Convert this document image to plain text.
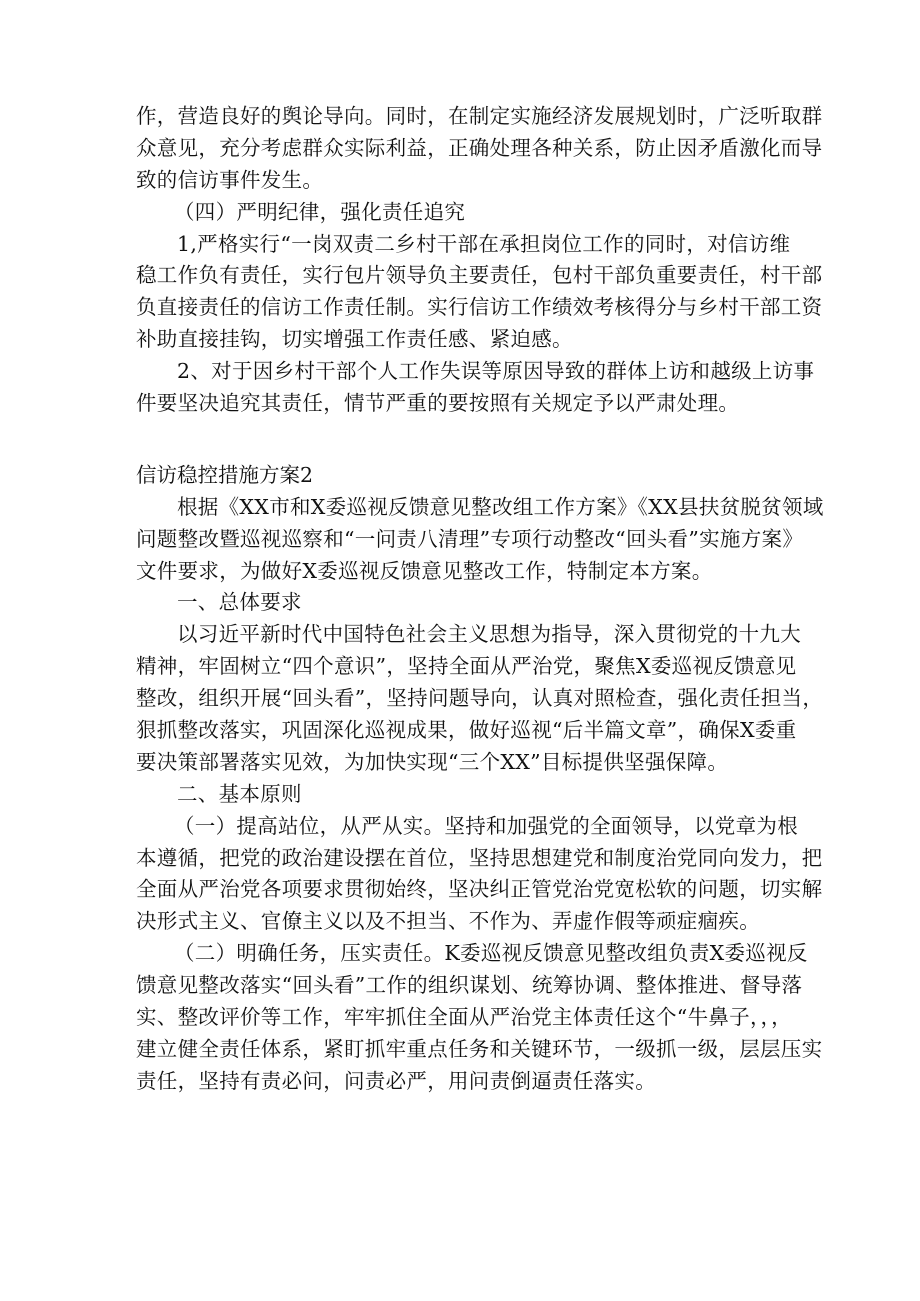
作，营造良好的舆论导向。同时，在制定实施经济发展规划时，广泛听取群
众意见，充分考虑群众实际利益，正确处理各种关系，防止因矛盾激化而导
致的信访事件发生。
（四）严明纪律，强化责任追究
1,严格实行“一岗双责二乡村干部在承担岗位工作的同时，对信访维
稳工作负有责任，实行包片领导负主要责任，包村干部负重要责任，村干部
负直接责任的信访工作责任制。实行信访工作绩效考核得分与乡村干部工资
补助直接挂钩，切实增强工作责任感、紧迫感。
2、对于因乡村干部个人工作失误等原因导致的群体上访和越级上访事
件要坚决追究其责任，情节严重的要按照有关规定予以严肃处理。
信访稳控措施方案2
根据《XX市和X委巡视反馈意见整改组工作方案》《XX县扶贫脱贫领域
问题整改暨巡视巡察和“一问责八清理”专项行动整改“回头看”实施方案》
文件要求，为做好X委巡视反馈意见整改工作，特制定本方案。
一、总体要求
以习近平新时代中国特色社会主义思想为指导，深入贯彻党的十九大
精神，牢固树立“四个意识”，坚持全面从严治党，聚焦X委巡视反馈意见
整改，组织开展“回头看”，坚持问题导向，认真对照检查，强化责任担当，
狠抓整改落实，巩固深化巡视成果，做好巡视“后半篇文章”，确保X委重
要决策部署落实见效，为加快实现“三个XX”目标提供坚强保障。
二、基本原则
（一）提高站位，从严从实。坚持和加强党的全面领导，以党章为根
本遵循，把党的政治建设摆在首位，坚持思想建党和制度治党同向发力，把
全面从严治党各项要求贯彻始终，坚决纠正管党治党宽松软的问题，切实解
决形式主义、官僚主义以及不担当、不作为、弄虚作假等顽症痼疾。
（二）明确任务，压实责任。K委巡视反馈意见整改组负责X委巡视反
馈意见整改落实“回头看”工作的组织谋划、统筹协调、整体推进、督导落
实、整改评价等工作，牢牢抓住全面从严治党主体责任这个“牛鼻子，，，
建立健全责任体系，紧盯抓牢重点任务和关键环节，一级抓一级，层层压实
责任，坚持有责必问，问责必严，用问责倒逼责任落实。
